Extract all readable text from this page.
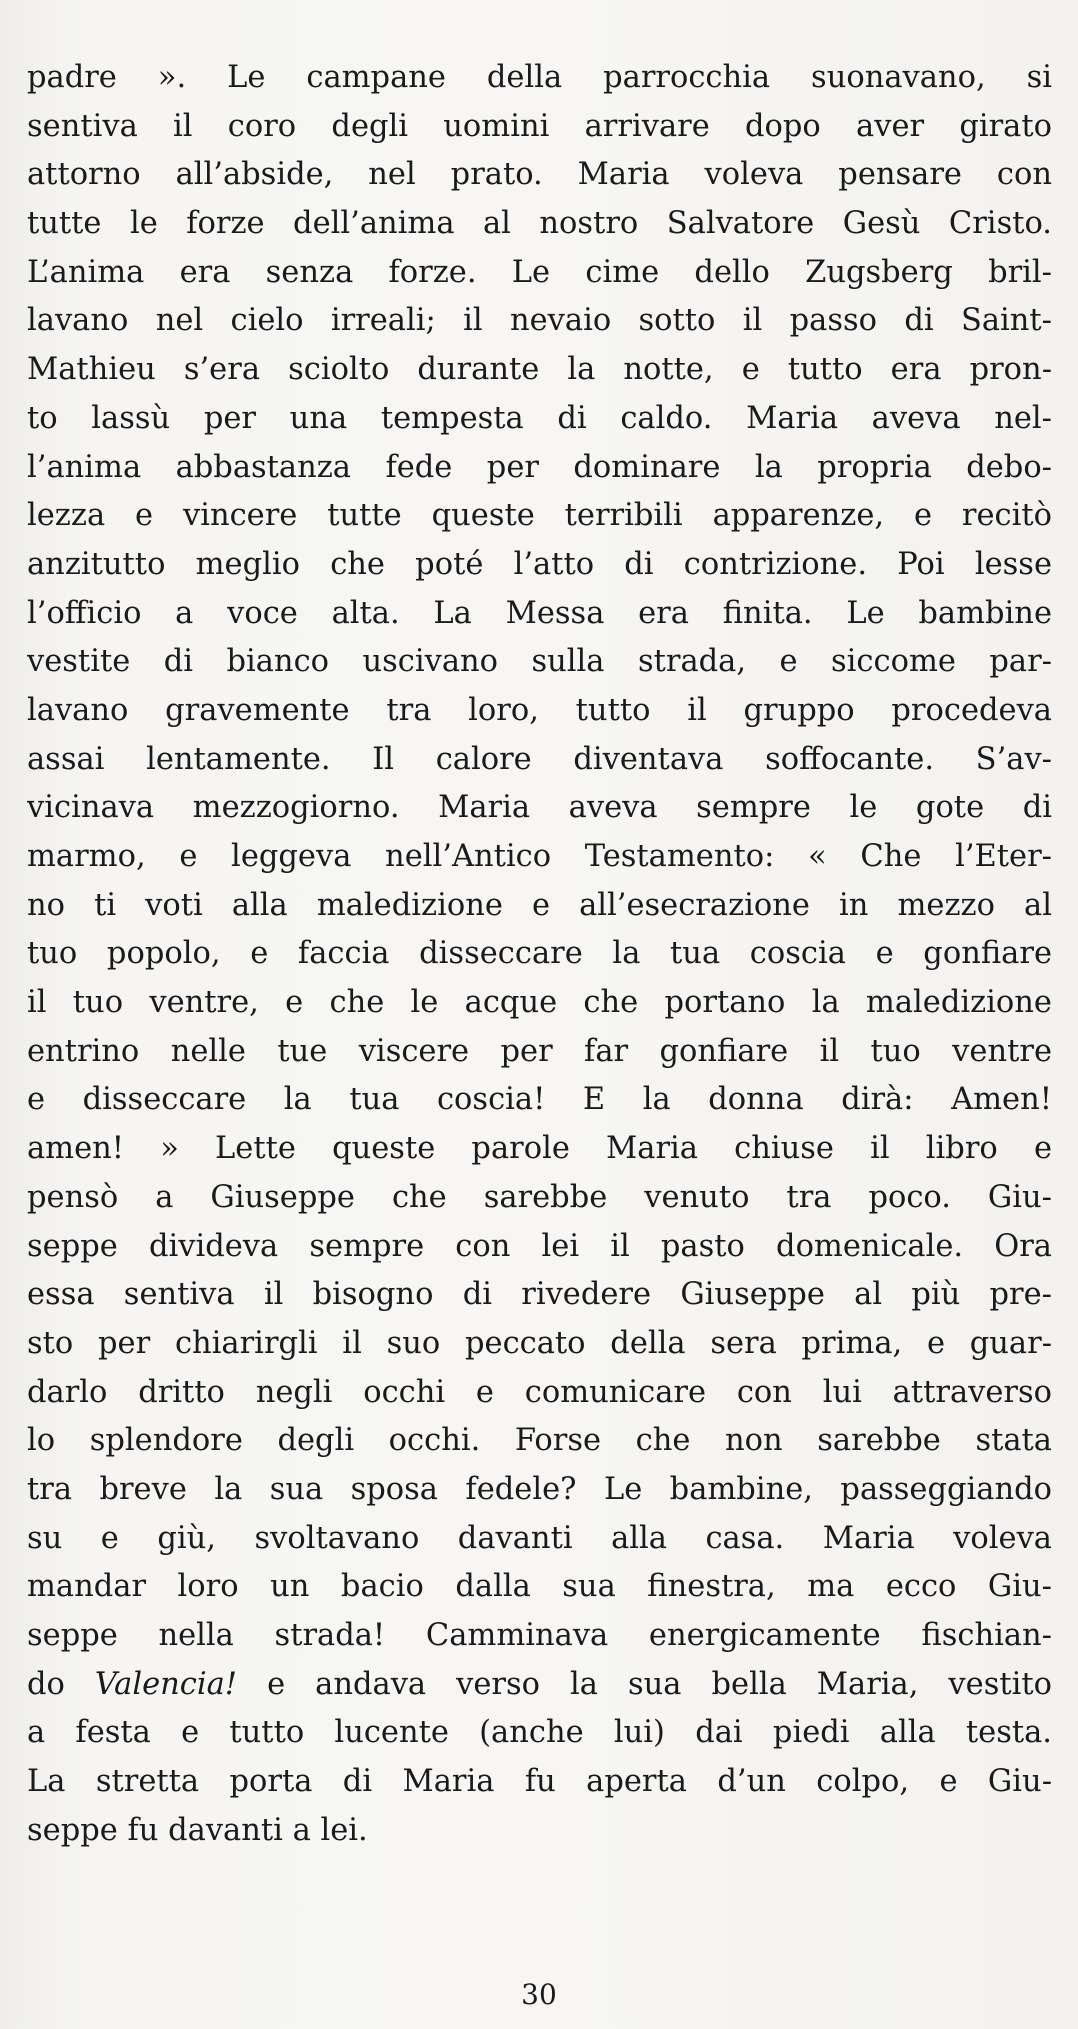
padre ». Le campane della parrocchia suonavano, si
sentiva il coro degli uomini arrivare dopo aver girato
attorno all’abside, nel prato. Maria voleva pensare con
tutte le forze dell’anima al nostro Salvatore Gesù Cristo.
L’anima era senza forze. Le cime dello Zugsberg bril-
lavano nel cielo irreali; il nevaio sotto il passo di Saint-
Mathieu s’era sciolto durante la notte, e tutto era pron-
to lassù per una tempesta di caldo. Maria aveva nel-
l’anima abbastanza fede per dominare la propria debo-
lezza e vincere tutte queste terribili apparenze, e recitò
anzitutto meglio che poté l’atto di contrizione. Poi lesse
l’officio a voce alta. La Messa era finita. Le bambine
vestite di bianco uscivano sulla strada, e siccome par-
lavano gravemente tra loro, tutto il gruppo procedeva
assai lentamente. Il calore diventava soffocante. S’av-
vicinava mezzogiorno. Maria aveva sempre le gote di
marmo, e leggeva nell’Antico Testamento: « Che l’Eter-
no ti voti alla maledizione e all’esecrazione in mezzo al
tuo popolo, e faccia disseccare la tua coscia e gonfiare
il tuo ventre, e che le acque che portano la maledizione
entrino nelle tue viscere per far gonfiare il tuo ventre
e disseccare la tua coscia! E la donna dirà: Amen!
amen! » Lette queste parole Maria chiuse il libro e
pensò a Giuseppe che sarebbe venuto tra poco. Giu-
seppe divideva sempre con lei il pasto domenicale. Ora
essa sentiva il bisogno di rivedere Giuseppe al più pre-
sto per chiarirgli il suo peccato della sera prima, e guar-
darlo dritto negli occhi e comunicare con lui attraverso
lo splendore degli occhi. Forse che non sarebbe stata
tra breve la sua sposa fedele? Le bambine, passeggiando
su e giù, svoltavano davanti alla casa. Maria voleva
mandar loro un bacio dalla sua finestra, ma ecco Giu-
seppe nella strada! Camminava energicamente fischian-
do Valencia! e andava verso la sua bella Maria, vestito
a festa e tutto lucente (anche lui) dai piedi alla testa.
La stretta porta di Maria fu aperta d’un colpo, e Giu-
seppe fu davanti a lei.
30
